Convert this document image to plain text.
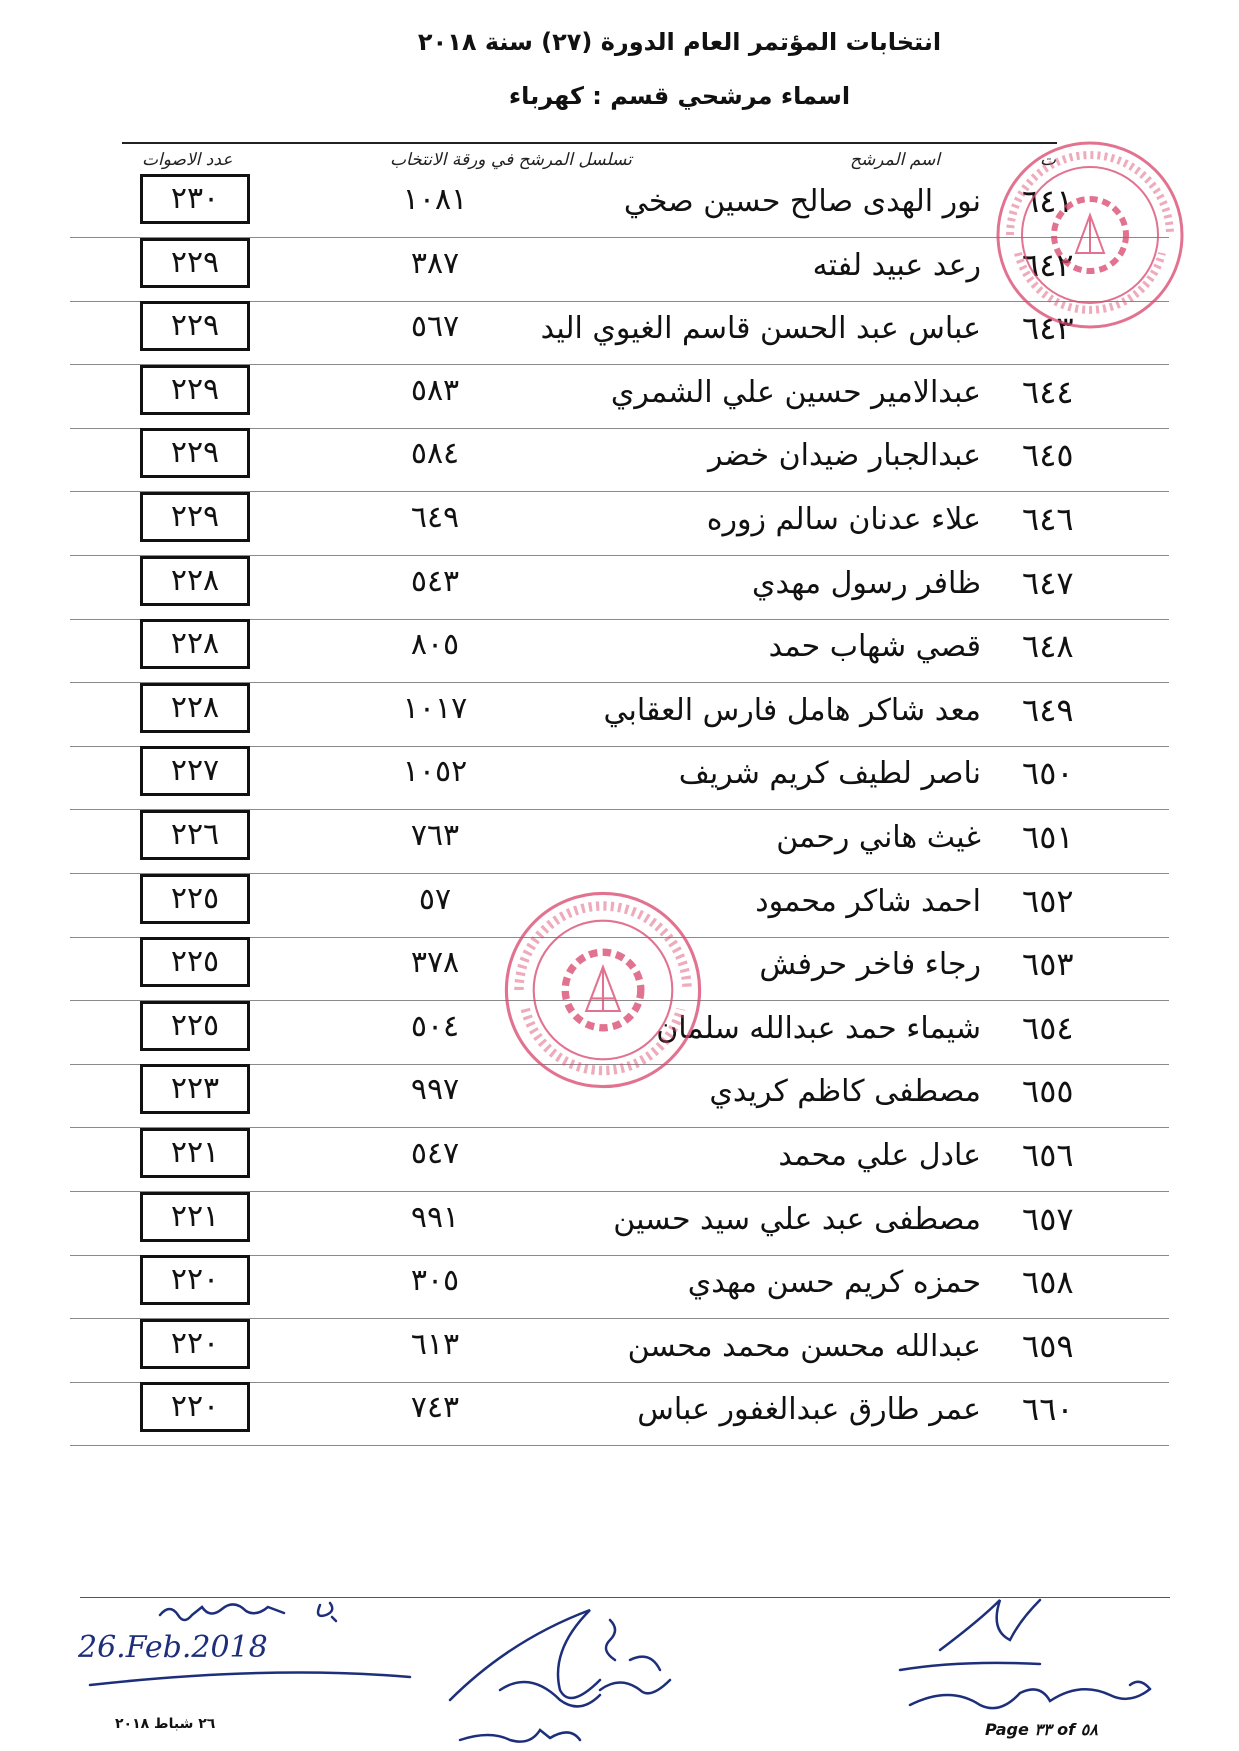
انتخابات المؤتمر العام الدورة (٢٧) سنة ٢٠١٨
اسماء مرشحي قسم : كهرباء
ت
اسم المرشح
تسلسل المرشح في ورقة الانتخاب
عدد الاصوات
٦٤١
نور الهدى صالح حسين صخي
١٠٨١
٢٣٠
٦٤٢
رعد عبيد لفته
٣٨٧
٢٢٩
٦٤٣
عباس عبد الحسن قاسم الغيوي اليد
٥٦٧
٢٢٩
٦٤٤
عبدالامير حسين علي الشمري
٥٨٣
٢٢٩
٦٤٥
عبدالجبار ضيدان خضر
٥٨٤
٢٢٩
٦٤٦
علاء عدنان سالم زوره
٦٤٩
٢٢٩
٦٤٧
ظافر رسول مهدي
٥٤٣
٢٢٨
٦٤٨
قصي شهاب حمد
٨٠٥
٢٢٨
٦٤٩
معد شاكر هامل فارس العقابي
١٠١٧
٢٢٨
٦٥٠
ناصر لطيف كريم شريف
١٠٥٢
٢٢٧
٦٥١
غيث هاني رحمن
٧٦٣
٢٢٦
٦٥٢
احمد شاكر محمود
٥٧
٢٢٥
٦٥٣
رجاء فاخر حرفش
٣٧٨
٢٢٥
٦٥٤
شيماء حمد عبدالله سلمان
٥٠٤
٢٢٥
٦٥٥
مصطفى كاظم كريدي
٩٩٧
٢٢٣
٦٥٦
عادل علي محمد
٥٤٧
٢٢١
٦٥٧
مصطفى عبد علي سيد حسين
٩٩١
٢٢١
٦٥٨
حمزه كريم حسن مهدي
٣٠٥
٢٢٠
٦٥٩
عبدالله محسن محمد محسن
٦١٣
٢٢٠
٦٦٠
عمر طارق عبدالغفور عباس
٧٤٣
٢٢٠
26.Feb.2018
٢٦ شباط ٢٠١٨	Page ٣٣ of ٥٨
